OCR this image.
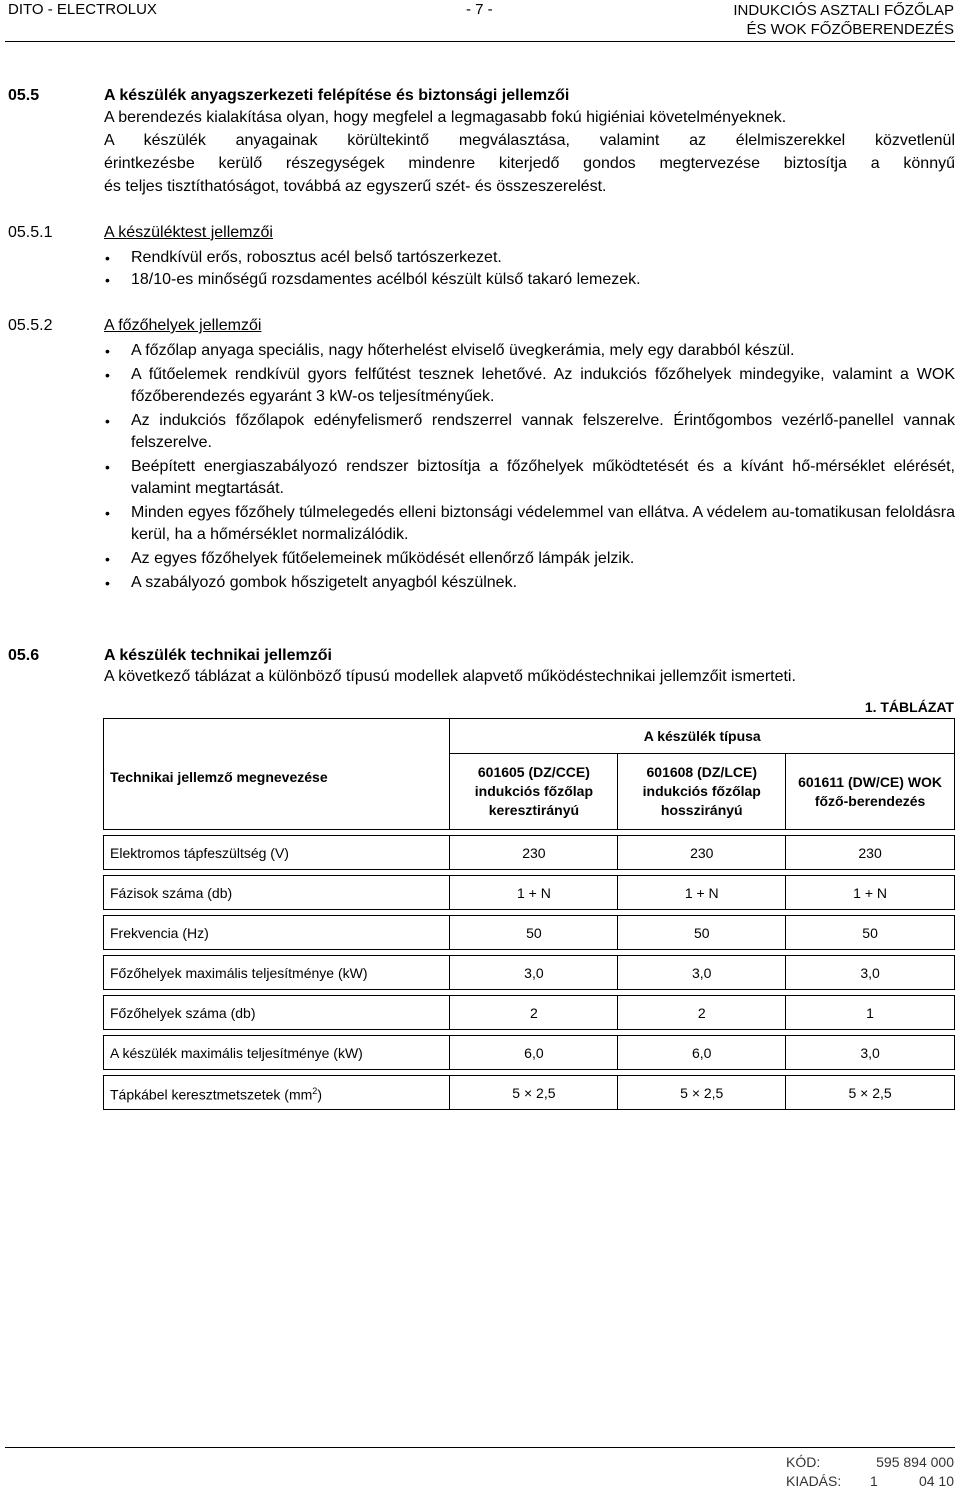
DITO - ELECTROLUX	- 7 -	INDUKCIÓS ASZTALI FŐZŐLAP
ÉS WOK FŐZŐBERENDEZÉS
05.5	A készülék anyagszerkezeti felépítése és biztonsági jellemzői
A berendezés kialakítása olyan, hogy megfelel a legmagasabb fokú higiéniai követelményeknek.
A készülék anyagainak körültekintő megválasztása, valamint az élelmiszerekkel közvetlenül
érintkezésbe kerülő részegységek mindenre kiterjedő gondos megtervezése biztosítja a könnyű
és teljes tisztíthatóságot, továbbá az egyszerű szét- és összeszerelést.
05.5.1	A készüléktest jellemzői
• Rendkívül erős, robosztus acél belső tartószerkezet.
• 18/10-es minőségű rozsdamentes acélból készült külső takaró lemezek.
05.5.2	A főzőhelyek jellemzői
• A főzőlap anyaga speciális, nagy hőterhelést elviselő üvegkerámia, mely egy darabból készül.
• A fűtőelemek rendkívül gyors felfűtést tesznek lehetővé. Az indukciós főzőhelyek mindegyike, valamint a WOK főzőberendezés egyaránt 3 kW-os teljesítményűek.
• Az indukciós főzőlapok edényfelismerő rendszerrel vannak felszerelve. Érintőgombos vezérlő-panellel vannak felszerelve.
• Beépített energiaszabályozó rendszer biztosítja a főzőhelyek működtetését és a kívánt hő-mérséklet elérését, valamint megtartását.
• Minden egyes főzőhely túlmelegedés elleni biztonsági védelemmel van ellátva. A védelem au-tomatikusan feloldásra kerül, ha a hőmérséklet normalizálódik.
• Az egyes főzőhelyek fűtőelemeinek működését ellenőrző lámpák jelzik.
• A szabályozó gombok hőszigetelt anyagból készülnek.
05.6	A készülék technikai jellemzői
A következő táblázat a különböző típusú modellek alapvető működéstechnikai jellemzőit ismerteti.
1. TÁBLÁZAT
Technikai jellemző megnevezése	A készülék típusa		
	601605 (DZ/CCE) indukciós főzőlap keresztirányú	601608 (DZ/LCE) indukciós főzőlap hosszirányú	601611 (DW/CE) WOK főző-berendezés

Elektromos tápfeszültség (V)	230	230	230

Fázisok száma (db)	1 + N	1 + N	1 + N

Frekvencia (Hz)	50	50	50

Főzőhelyek maximális teljesítménye (kW)	3,0	3,0	3,0

Főzőhelyek száma (db)	2	2	1

A készülék maximális teljesítménye (kW)	6,0	6,0	3,0

Tápkábel keresztmetszetek $(mm^2)$	5 × 2,5	5 × 2,5	5 × 2,5
KÓD:	595 894 000
KIADÁS: 1	04 10
